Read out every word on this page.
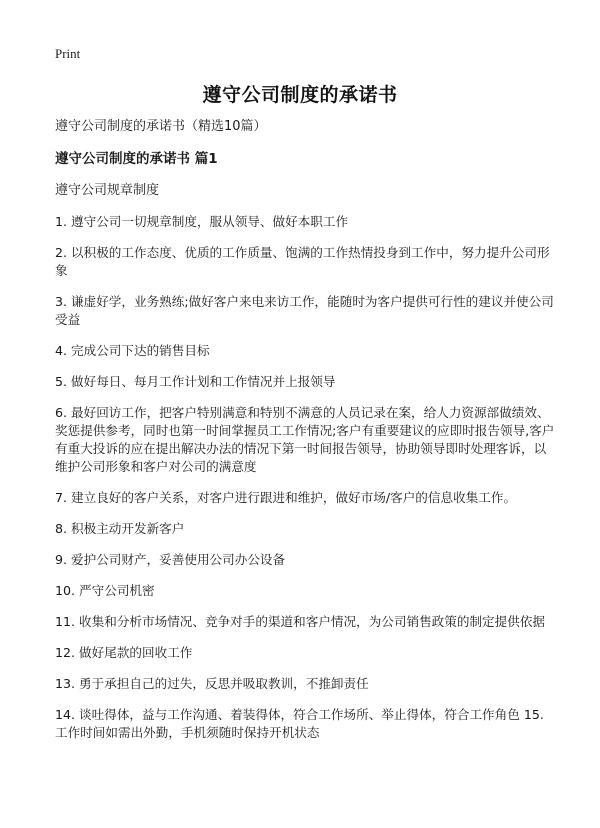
Print
遵守公司制度的承诺书
遵守公司制度的承诺书（精选10篇）
遵守公司制度的承诺书 篇1
遵守公司规章制度
1. 遵守公司一切规章制度，服从领导、做好本职工作
2. 以积极的工作态度、优质的工作质量、饱满的工作热情投身到工作中，努力提升公司形象
3. 谦虚好学，业务熟练;做好客户来电来访工作，能随时为客户提供可行性的建议并使公司受益
4. 完成公司下达的销售目标
5. 做好每日、每月工作计划和工作情况并上报领导
6. 最好回访工作，把客户特别满意和特别不满意的人员记录在案，给人力资源部做绩效、奖惩提供参考，同时也第一时间掌握员工工作情况;客户有重要建议的应即时报告领导,客户有重大投诉的应在提出解决办法的情况下第一时间报告领导，协助领导即时处理客诉，以维护公司形象和客户对公司的满意度
7. 建立良好的客户关系，对客户进行跟进和维护，做好市场/客户的信息收集工作。
8. 积极主动开发新客户
9. 爱护公司财产，妥善使用公司办公设备
10. 严守公司机密
11. 收集和分析市场情况、竞争对手的渠道和客户情况，为公司销售政策的制定提供依据
12. 做好尾款的回收工作
13. 勇于承担自己的过失，反思并吸取教训，不推卸责任
14. 谈吐得体，益与工作沟通、着装得体，符合工作场所、举止得体，符合工作角色 15. 工作时间如需出外勤，手机须随时保持开机状态
